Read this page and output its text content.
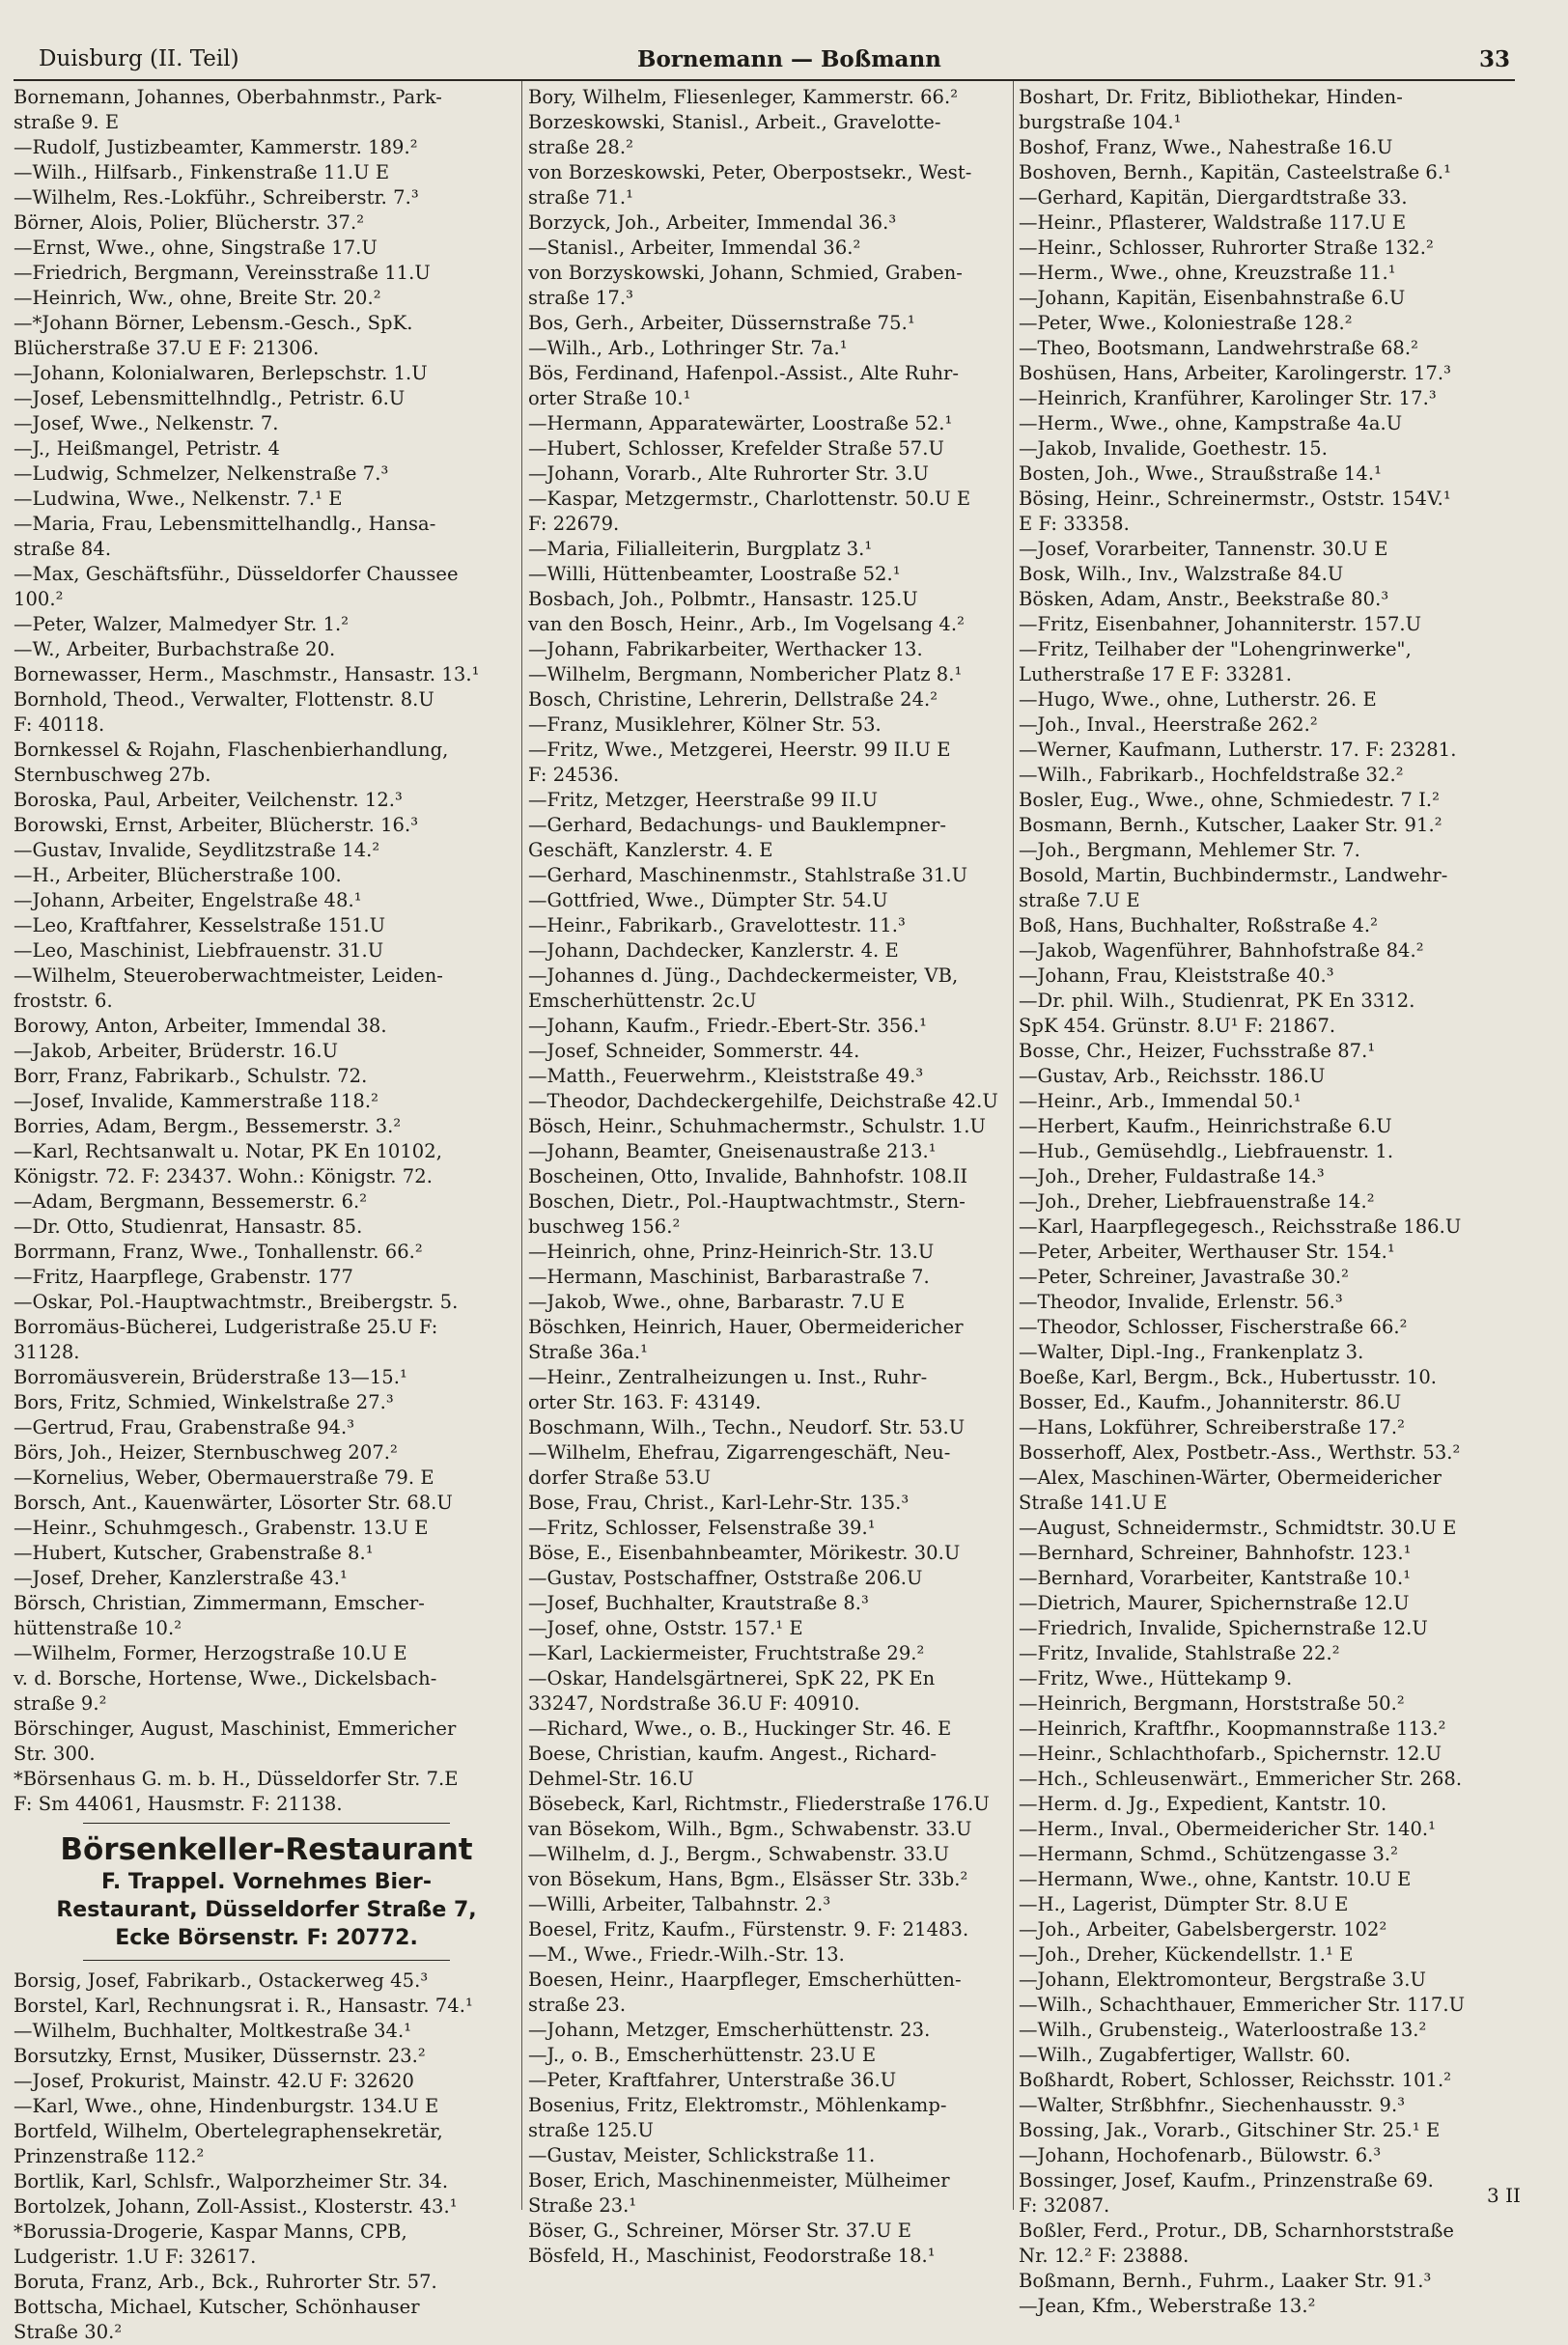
Duisburg (II. Teil)	Bornemann — Boßmann	33
Bornemann, Johannes, Oberbahnmstr., Park-
straße 9. E
—Rudolf, Justizbeamter, Kammerstr. 189.²
—Wilh., Hilfsarb., Finkenstraße 11.U E
—Wilhelm, Res.-Lokführ., Schreiberstr. 7.³
Börner, Alois, Polier, Blücherstr. 37.²
—Ernst, Wwe., ohne, Singstraße 17.U
—Friedrich, Bergmann, Vereinsstraße 11.U
—Heinrich, Ww., ohne, Breite Str. 20.²
—*Johann Börner, Lebensm.-Gesch., SpK.
Blücherstraße 37.U E F: 21306.
—Johann, Kolonialwaren, Berlepschstr. 1.U
—Josef, Lebensmittelhndlg., Petristr. 6.U
—Josef, Wwe., Nelkenstr. 7.
—J., Heißmangel, Petristr. 4
—Ludwig, Schmelzer, Nelkenstraße 7.³
—Ludwina, Wwe., Nelkenstr. 7.¹ E
—Maria, Frau, Lebensmittelhandlg., Hansa-
straße 84.
—Max, Geschäftsführ., Düsseldorfer Chaussee
100.²
—Peter, Walzer, Malmedyer Str. 1.²
—W., Arbeiter, Burbachstraße 20.
Bornewasser, Herm., Maschmstr., Hansastr. 13.¹
Bornhold, Theod., Verwalter, Flottenstr. 8.U
F: 40118.
Bornkessel & Rojahn, Flaschenbierhandlung,
Sternbuschweg 27b.
Boroska, Paul, Arbeiter, Veilchenstr. 12.³
Borowski, Ernst, Arbeiter, Blücherstr. 16.³
—Gustav, Invalide, Seydlitzstraße 14.²
—H., Arbeiter, Blücherstraße 100.
—Johann, Arbeiter, Engelstraße 48.¹
—Leo, Kraftfahrer, Kesselstraße 151.U
—Leo, Maschinist, Liebfrauenstr. 31.U
—Wilhelm, Steueroberwachtmeister, Leiden-
froststr. 6.
Borowy, Anton, Arbeiter, Immendal 38.
—Jakob, Arbeiter, Brüderstr. 16.U
Borr, Franz, Fabrikarb., Schulstr. 72.
—Josef, Invalide, Kammerstraße 118.²
Borries, Adam, Bergm., Bessemerstr. 3.²
—Karl, Rechtsanwalt u. Notar, PK En 10102,
Königstr. 72. F: 23437. Wohn.: Königstr. 72.
—Adam, Bergmann, Bessemerstr. 6.²
—Dr. Otto, Studienrat, Hansastr. 85.
Borrmann, Franz, Wwe., Tonhallenstr. 66.²
—Fritz, Haarpflege, Grabenstr. 177
—Oskar, Pol.-Hauptwachtmstr., Breibergstr. 5.
Borromäus-Bücherei, Ludgeristraße 25.U F:
31128.
Borromäusverein, Brüderstraße 13—15.¹
Bors, Fritz, Schmied, Winkelstraße 27.³
—Gertrud, Frau, Grabenstraße 94.³
Börs, Joh., Heizer, Sternbuschweg 207.²
—Kornelius, Weber, Obermauerstraße 79. E
Borsch, Ant., Kauenwärter, Lösorter Str. 68.U
—Heinr., Schuhmgesch., Grabenstr. 13.U E
—Hubert, Kutscher, Grabenstraße 8.¹
—Josef, Dreher, Kanzlerstraße 43.¹
Börsch, Christian, Zimmermann, Emscher-
hüttenstraße 10.²
—Wilhelm, Former, Herzogstraße 10.U E
v. d. Borsche, Hortense, Wwe., Dickelsbach-
straße 9.²
Börschinger, August, Maschinist, Emmericher
Str. 300.
*Börsenhaus G. m. b. H., Düsseldorfer Str. 7.E
F: Sm 44061, Hausmstr. F: 21138.
Börsenkeller-Restaurant
F. Trappel. Vornehmes Bier-
Restaurant, Düsseldorfer Straße 7,
Ecke Börsenstr. F: 20772.
Borsig, Josef, Fabrikarb., Ostackerweg 45.³
Borstel, Karl, Rechnungsrat i. R., Hansastr. 74.¹
—Wilhelm, Buchhalter, Moltkestraße 34.¹
Borsutzky, Ernst, Musiker, Düssernstr. 23.²
—Josef, Prokurist, Mainstr. 42.U F: 32620
—Karl, Wwe., ohne, Hindenburgstr. 134.U E
Bortfeld, Wilhelm, Obertelegraphensekretär,
Prinzenstraße 112.²
Bortlik, Karl, Schlsfr., Walporzheimer Str. 34.
Bortolzek, Johann, Zoll-Assist., Klosterstr. 43.¹
*Borussia-Drogerie, Kaspar Manns, CPB,
Ludgeristr. 1.U F: 32617.
Boruta, Franz, Arb., Bck., Ruhrorter Str. 57.
Bottscha, Michael, Kutscher, Schönhauser
Straße 30.²
Bory, Wilhelm, Fliesenleger, Kammerstr. 66.²
Borzeskowski, Stanisl., Arbeit., Gravelotte-
straße 28.²
von Borzeskowski, Peter, Oberpostsekr., West-
straße 71.¹
Borzyck, Joh., Arbeiter, Immendal 36.³
—Stanisl., Arbeiter, Immendal 36.²
von Borzyskowski, Johann, Schmied, Graben-
straße 17.³
Bos, Gerh., Arbeiter, Düssernstraße 75.¹
—Wilh., Arb., Lothringer Str. 7a.¹
Bös, Ferdinand, Hafenpol.-Assist., Alte Ruhr-
orter Straße 10.¹
—Hermann, Apparatewärter, Loostraße 52.¹
—Hubert, Schlosser, Krefelder Straße 57.U
—Johann, Vorarb., Alte Ruhrorter Str. 3.U
—Kaspar, Metzgermstr., Charlottenstr. 50.U E
F: 22679.
—Maria, Filialleiterin, Burgplatz 3.¹
—Willi, Hüttenbeamter, Loostraße 52.¹
Bosbach, Joh., Polbmtr., Hansastr. 125.U
van den Bosch, Heinr., Arb., Im Vogelsang 4.²
—Johann, Fabrikarbeiter, Werthacker 13.
—Wilhelm, Bergmann, Nombericher Platz 8.¹
Bosch, Christine, Lehrerin, Dellstraße 24.²
—Franz, Musiklehrer, Kölner Str. 53.
—Fritz, Wwe., Metzgerei, Heerstr. 99 II.U E
F: 24536.
—Fritz, Metzger, Heerstraße 99 II.U
—Gerhard, Bedachungs- und Bauklempner-
Geschäft, Kanzlerstr. 4. E
—Gerhard, Maschinenmstr., Stahlstraße 31.U
—Gottfried, Wwe., Dümpter Str. 54.U
—Heinr., Fabrikarb., Gravelottestr. 11.³
—Johann, Dachdecker, Kanzlerstr. 4. E
—Johannes d. Jüng., Dachdeckermeister, VB,
Emscherhüttenstr. 2c.U
—Johann, Kaufm., Friedr.-Ebert-Str. 356.¹
—Josef, Schneider, Sommerstr. 44.
—Matth., Feuerwehrm., Kleiststraße 49.³
—Theodor, Dachdeckergehilfe, Deichstraße 42.U
Bösch, Heinr., Schuhmachermstr., Schulstr. 1.U
—Johann, Beamter, Gneisenaustraße 213.¹
Boscheinen, Otto, Invalide, Bahnhofstr. 108.II
Boschen, Dietr., Pol.-Hauptwachtmstr., Stern-
buschweg 156.²
—Heinrich, ohne, Prinz-Heinrich-Str. 13.U
—Hermann, Maschinist, Barbarastraße 7.
—Jakob, Wwe., ohne, Barbarastr. 7.U E
Böschken, Heinrich, Hauer, Obermeidericher
Straße 36a.¹
—Heinr., Zentralheizungen u. Inst., Ruhr-
orter Str. 163. F: 43149.
Boschmann, Wilh., Techn., Neudorf. Str. 53.U
—Wilhelm, Ehefrau, Zigarrengeschäft, Neu-
dorfer Straße 53.U
Bose, Frau, Christ., Karl-Lehr-Str. 135.³
—Fritz, Schlosser, Felsenstraße 39.¹
Böse, E., Eisenbahnbeamter, Mörikestr. 30.U
—Gustav, Postschaffner, Oststraße 206.U
—Josef, Buchhalter, Krautstraße 8.³
—Josef, ohne, Oststr. 157.¹ E
—Karl, Lackiermeister, Fruchtstraße 29.²
—Oskar, Handelsgärtnerei, SpK 22, PK En
33247, Nordstraße 36.U F: 40910.
—Richard, Wwe., o. B., Huckinger Str. 46. E
Boese, Christian, kaufm. Angest., Richard-
Dehmel-Str. 16.U
Bösebeck, Karl, Richtmstr., Fliederstraße 176.U
van Bösekom, Wilh., Bgm., Schwabenstr. 33.U
—Wilhelm, d. J., Bergm., Schwabenstr. 33.U
von Bösekum, Hans, Bgm., Elsässer Str. 33b.²
—Willi, Arbeiter, Talbahnstr. 2.³
Boesel, Fritz, Kaufm., Fürstenstr. 9. F: 21483.
—M., Wwe., Friedr.-Wilh.-Str. 13.
Boesen, Heinr., Haarpfleger, Emscherhütten-
straße 23.
—Johann, Metzger, Emscherhüttenstr. 23.
—J., o. B., Emscherhüttenstr. 23.U E
—Peter, Kraftfahrer, Unterstraße 36.U
Bosenius, Fritz, Elektromstr., Möhlenkamp-
straße 125.U
—Gustav, Meister, Schlickstraße 11.
Boser, Erich, Maschinenmeister, Mülheimer
Straße 23.¹
Böser, G., Schreiner, Mörser Str. 37.U E
Bösfeld, H., Maschinist, Feodorstraße 18.¹
Boshart, Dr. Fritz, Bibliothekar, Hinden-
burgstraße 104.¹
Boshof, Franz, Wwe., Nahestraße 16.U
Boshoven, Bernh., Kapitän, Casteelstraße 6.¹
—Gerhard, Kapitän, Diergardtstraße 33.
—Heinr., Pflasterer, Waldstraße 117.U E
—Heinr., Schlosser, Ruhrorter Straße 132.²
—Herm., Wwe., ohne, Kreuzstraße 11.¹
—Johann, Kapitän, Eisenbahnstraße 6.U
—Peter, Wwe., Koloniestraße 128.²
—Theo, Bootsmann, Landwehrstraße 68.²
Boshüsen, Hans, Arbeiter, Karolingerstr. 17.³
—Heinrich, Kranführer, Karolinger Str. 17.³
—Herm., Wwe., ohne, Kampstraße 4a.U
—Jakob, Invalide, Goethestr. 15.
Bosten, Joh., Wwe., Straußstraße 14.¹
Bösing, Heinr., Schreinermstr., Oststr. 154V.¹
E F: 33358.
—Josef, Vorarbeiter, Tannenstr. 30.U E
Bosk, Wilh., Inv., Walzstraße 84.U
Bösken, Adam, Anstr., Beekstraße 80.³
—Fritz, Eisenbahner, Johanniterstr. 157.U
—Fritz, Teilhaber der "Lohengrinwerke",
Lutherstraße 17 E F: 33281.
—Hugo, Wwe., ohne, Lutherstr. 26. E
—Joh., Inval., Heerstraße 262.²
—Werner, Kaufmann, Lutherstr. 17. F: 23281.
—Wilh., Fabrikarb., Hochfeldstraße 32.²
Bosler, Eug., Wwe., ohne, Schmiedestr. 7 I.²
Bosmann, Bernh., Kutscher, Laaker Str. 91.²
—Joh., Bergmann, Mehlemer Str. 7.
Bosold, Martin, Buchbindermstr., Landwehr-
straße 7.U E
Boß, Hans, Buchhalter, Roßstraße 4.²
—Jakob, Wagenführer, Bahnhofstraße 84.²
—Johann, Frau, Kleiststraße 40.³
—Dr. phil. Wilh., Studienrat, PK En 3312.
SpK 454. Grünstr. 8.U¹ F: 21867.
Bosse, Chr., Heizer, Fuchsstraße 87.¹
—Gustav, Arb., Reichsstr. 186.U
—Heinr., Arb., Immendal 50.¹
—Herbert, Kaufm., Heinrichstraße 6.U
—Hub., Gemüsehdlg., Liebfrauenstr. 1.
—Joh., Dreher, Fuldastraße 14.³
—Joh., Dreher, Liebfrauenstraße 14.²
—Karl, Haarpflegegesch., Reichsstraße 186.U
—Peter, Arbeiter, Werthauser Str. 154.¹
—Peter, Schreiner, Javastraße 30.²
—Theodor, Invalide, Erlenstr. 56.³
—Theodor, Schlosser, Fischerstraße 66.²
—Walter, Dipl.-Ing., Frankenplatz 3.
Boeße, Karl, Bergm., Bck., Hubertusstr. 10.
Bosser, Ed., Kaufm., Johanniterstr. 86.U
—Hans, Lokführer, Schreiberstraße 17.²
Bosserhoff, Alex, Postbetr.-Ass., Werthstr. 53.²
—Alex, Maschinen-Wärter, Obermeidericher
Straße 141.U E
—August, Schneidermstr., Schmidtstr. 30.U E
—Bernhard, Schreiner, Bahnhofstr. 123.¹
—Bernhard, Vorarbeiter, Kantstraße 10.¹
—Dietrich, Maurer, Spichernstraße 12.U
—Friedrich, Invalide, Spichernstraße 12.U
—Fritz, Invalide, Stahlstraße 22.²
—Fritz, Wwe., Hüttekamp 9.
—Heinrich, Bergmann, Horststraße 50.²
—Heinrich, Kraftfhr., Koopmannstraße 113.²
—Heinr., Schlachthofarb., Spichernstr. 12.U
—Hch., Schleusenwärt., Emmericher Str. 268.
—Herm. d. Jg., Expedient, Kantstr. 10.
—Herm., Inval., Obermeidericher Str. 140.¹
—Hermann, Schmd., Schützengasse 3.²
—Hermann, Wwe., ohne, Kantstr. 10.U E
—H., Lagerist, Dümpter Str. 8.U E
—Joh., Arbeiter, Gabelsbergerstr. 102²
—Joh., Dreher, Kückendellstr. 1.¹ E
—Johann, Elektromonteur, Bergstraße 3.U
—Wilh., Schachthauer, Emmericher Str. 117.U
—Wilh., Grubensteig., Waterloostraße 13.²
—Wilh., Zugabfertiger, Wallstr. 60.
Boßhardt, Robert, Schlosser, Reichsstr. 101.²
—Walter, Strßbhfnr., Siechenhausstr. 9.³
Bossing, Jak., Vorarb., Gitschiner Str. 25.¹ E
—Johann, Hochofenarb., Bülowstr. 6.³
Bossinger, Josef, Kaufm., Prinzenstraße 69.
F: 32087.
Boßler, Ferd., Protur., DB, Scharnhorststraße
Nr. 12.² F: 23888.
Boßmann, Bernh., Fuhrm., Laaker Str. 91.³
—Jean, Kfm., Weberstraße 13.²
3 II
